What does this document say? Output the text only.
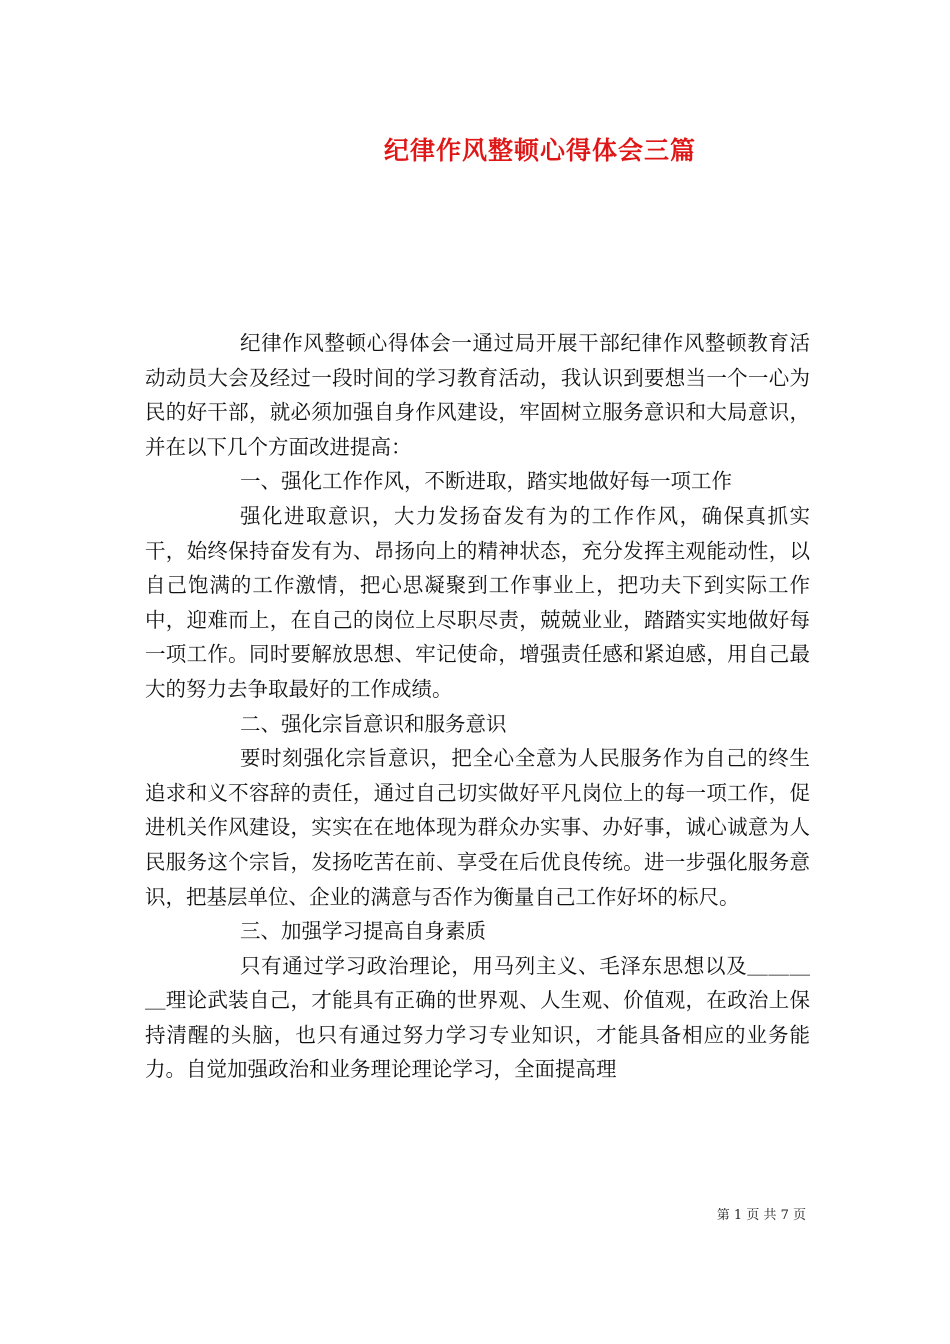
纪律作风整顿心得体会三篇

纪律作风整顿心得体会一通过局开展干部纪律作风整顿教育活动动员大会及经过一段时间的学习教育活动，我认识到要想当一个一心为民的好干部，就必须加强自身作风建设，牢固树立服务意识和大局意识，并在以下几个方面改进提高：

一、强化工作作风，不断进取，踏实地做好每一项工作

强化进取意识，大力发扬奋发有为的工作作风，确保真抓实干，始终保持奋发有为、昂扬向上的精神状态，充分发挥主观能动性，以自己饱满的工作激情，把心思凝聚到工作事业上，把功夫下到实际工作中，迎难而上，在自己的岗位上尽职尽责，兢兢业业，踏踏实实地做好每一项工作。同时要解放思想、牢记使命，增强责任感和紧迫感，用自己最大的努力去争取最好的工作成绩。

二、强化宗旨意识和服务意识

要时刻强化宗旨意识，把全心全意为人民服务作为自己的终生追求和义不容辞的责任，通过自己切实做好平凡岗位上的每一项工作，促进机关作风建设，实实在在地体现为群众办实事、办好事，诚心诚意为人民服务这个宗旨，发扬吃苦在前、享受在后优良传统。进一步强化服务意识，把基层单位、企业的满意与否作为衡量自己工作好坏的标尺。

三、加强学习提高自身素质

只有通过学习政治理论，用马列主义、毛泽东思想以及＿＿＿＿理论武装自己，才能具有正确的世界观、人生观、价值观，在政治上保持清醒的头脑，也只有通过努力学习专业知识，才能具备相应的业务能力。自觉加强政治和业务理论理论学习，全面提高理

第 1 页 共 7 页
